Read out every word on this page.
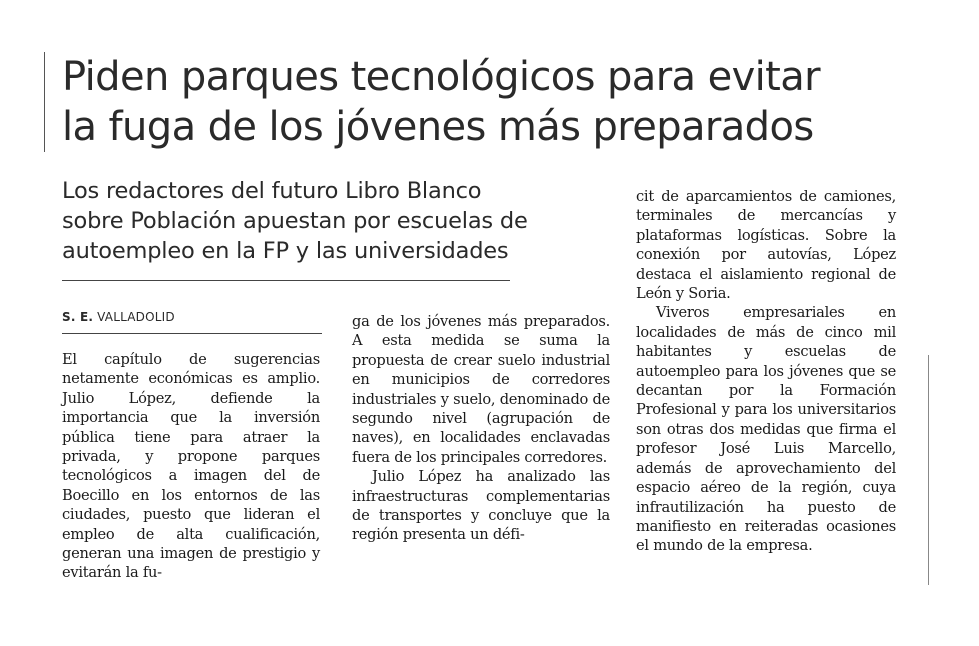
Piden parques tecnológicos para evitar
la fuga de los jóvenes más preparados
Los redactores del futuro Libro Blanco
sobre Población apuestan por escuelas de
autoempleo en la FP y las universidades
S. E. VALLADOLID

El capítulo de sugerencias netamente económicas es amplio. Julio López, defiende la importancia que la inversión pública tiene para atraer la privada, y propone parques tecnológicos a imagen del de Boecillo en los entornos de las ciudades, puesto que lideran el empleo de alta cualificación, generan una imagen de prestigio y evitarán la fu-

ga de los jóvenes más preparados. A esta medida se suma la propuesta de crear suelo industrial en municipios de corredores industriales y suelo, denominado de segundo nivel (agrupación de naves), en localidades enclavadas fuera de los principales corredores.

Julio López ha analizado las infraestructuras complementarias de transportes y concluye que la región presenta un défi-

cit de aparcamientos de camiones, terminales de mercancías y plataformas logísticas. Sobre la conexión por autovías, López destaca el aislamiento regional de León y Soria.

Viveros empresariales en localidades de más de cinco mil habitantes y escuelas de autoempleo para los jóvenes que se decantan por la Formación Profesional y para los universitarios son otras dos medidas que firma el profesor José Luis Marcello, además de aprovechamiento del espacio aéreo de la región, cuya infrautilización ha puesto de manifiesto en reiteradas ocasiones el mundo de la empresa.
